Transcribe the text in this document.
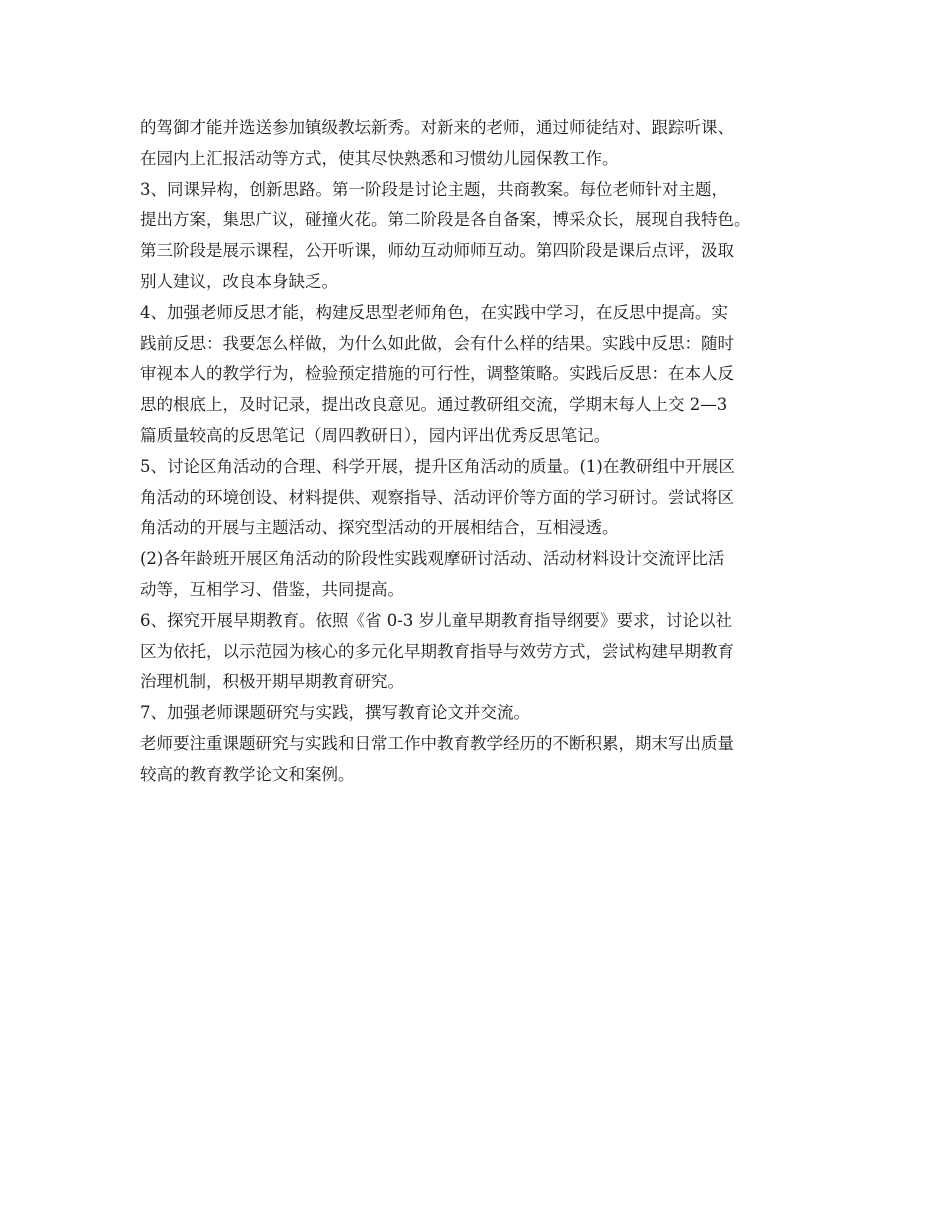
的驾御才能并选送参加镇级教坛新秀。对新来的老师，通过师徒结对、跟踪听课、
在园内上汇报活动等方式，使其尽快熟悉和习惯幼儿园保教工作。
3、同课异构，创新思路。第一阶段是讨论主题，共商教案。每位老师针对主题，
提出方案，集思广议，碰撞火花。第二阶段是各自备案，博采众长，展现自我特色。
第三阶段是展示课程，公开听课，师幼互动师师互动。第四阶段是课后点评，汲取
别人建议，改良本身缺乏。
4、加强老师反思才能，构建反思型老师角色，在实践中学习，在反思中提高。实
践前反思：我要怎么样做，为什么如此做，会有什么样的结果。实践中反思：随时
审视本人的教学行为，检验预定措施的可行性，调整策略。实践后反思：在本人反
思的根底上，及时记录，提出改良意见。通过教研组交流，学期末每人上交 2—3
篇质量较高的反思笔记（周四教研日），园内评出优秀反思笔记。
5、讨论区角活动的合理、科学开展，提升区角活动的质量。(1)在教研组中开展区
角活动的环境创设、材料提供、观察指导、活动评价等方面的学习研讨。尝试将区
角活动的开展与主题活动、探究型活动的开展相结合，互相浸透。
(2)各年龄班开展区角活动的阶段性实践观摩研讨活动、活动材料设计交流评比活
动等，互相学习、借鉴，共同提高。
6、探究开展早期教育。依照《省 0-3 岁儿童早期教育指导纲要》要求，讨论以社
区为依托，以示范园为核心的多元化早期教育指导与效劳方式，尝试构建早期教育
治理机制，积极开期早期教育研究。
7、加强老师课题研究与实践，撰写教育论文并交流。
老师要注重课题研究与实践和日常工作中教育教学经历的不断积累，期末写出质量
较高的教育教学论文和案例。
